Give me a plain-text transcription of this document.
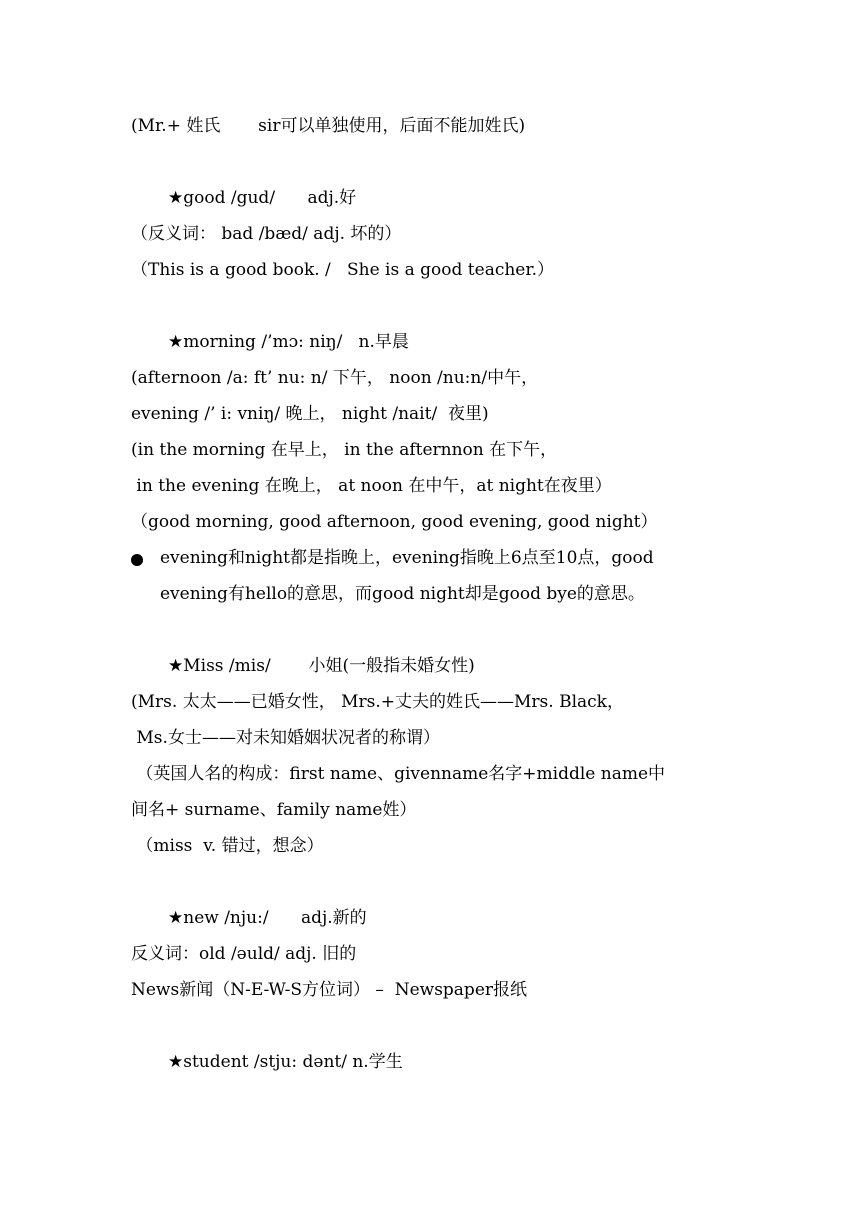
(Mr.+ 姓氏       sir可以单独使用，后面不能加姓氏)
★good /gud/      adj.好
（反义词： bad /bæd/ adj. 坏的）
（This is a good book. /   She is a good teacher.）
★morning /’mɔ: niŋ/   n.早晨
(afternoon /a: ft’ nu: n/ 下午， noon /nu:n/中午，
evening /’ i: vniŋ/ 晚上， night /nait/  夜里)
(in the morning 在早上， in the afternnon 在下午，
in the evening 在晚上， at noon 在中午，at night在夜里）
（good morning, good afternoon, good evening, good night）
evening和night都是指晚上，evening指晚上6点至10点，good
evening有hello的意思，而good night却是good bye的意思。
★Miss /mis/       小姐(一般指未婚女性)
(Mrs. 太太——已婚女性， Mrs.+丈夫的姓氏——Mrs. Black，
Ms.女士——对未知婚姻状况者的称谓）
（英国人名的构成：first name、givenname名字+middle name中
间名+ surname、family name姓）
（miss  v. 错过，想念）
★new /nju:/      adj.新的
反义词：old /əuld/ adj. 旧的
News新闻（N-E-W-S方位词） –  Newspaper报纸
★student /stju: dənt/ n.学生
